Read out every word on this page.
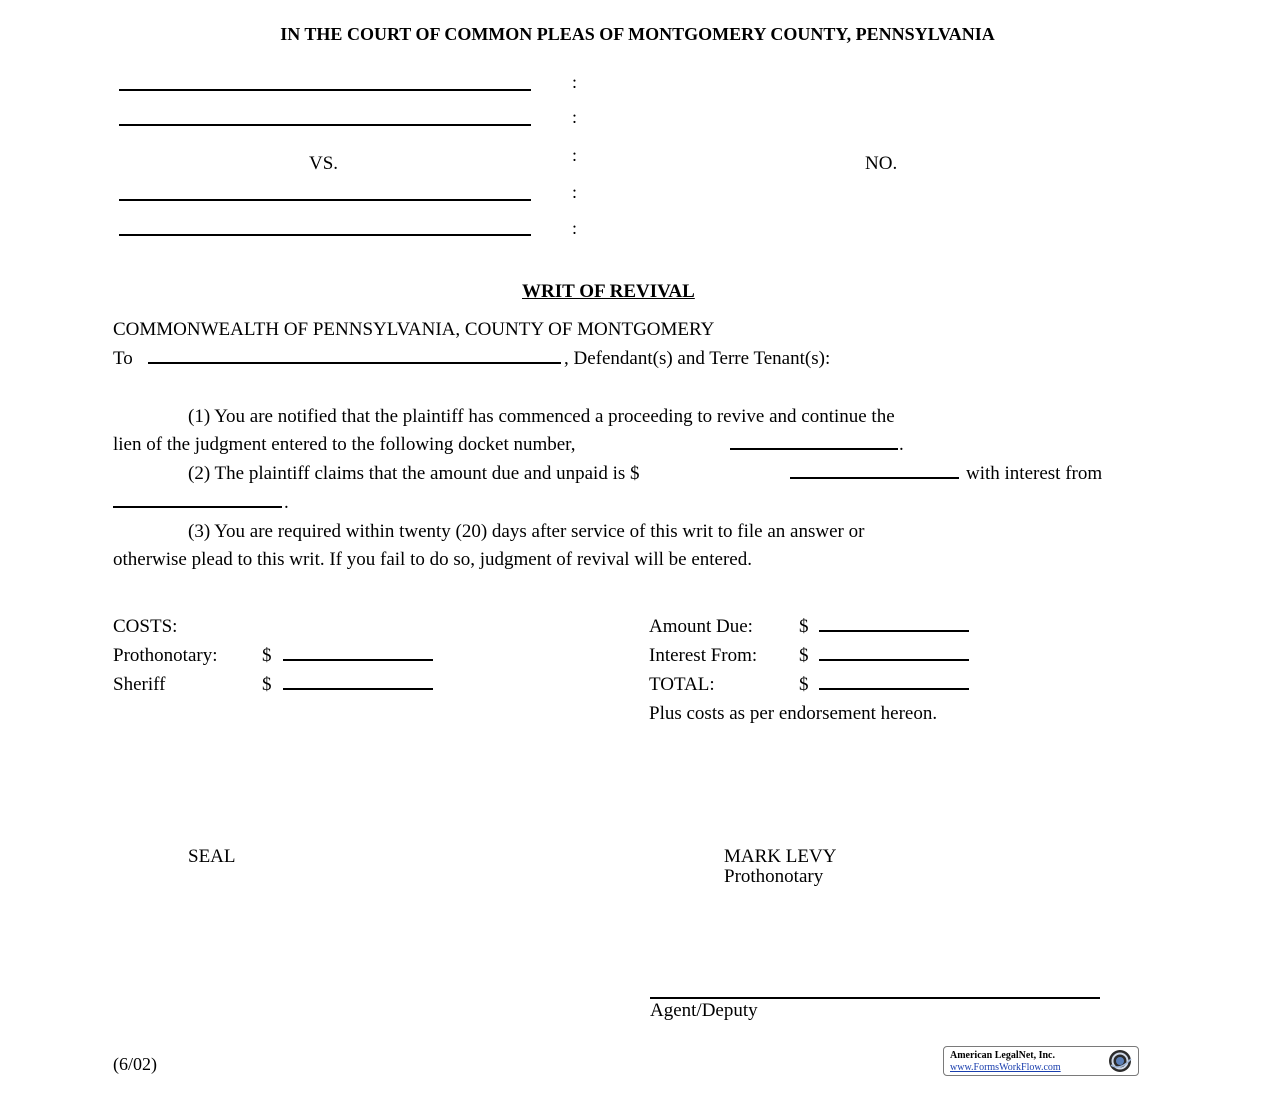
IN THE COURT OF COMMON PLEAS OF MONTGOMERY COUNTY, PENNSYLVANIA
VS.
:
:
:
:
:
NO.
WRIT OF REVIVAL
COMMONWEALTH OF PENNSYLVANIA, COUNTY OF MONTGOMERY
To	, Defendant(s) and Terre Tenant(s):
(1) You are notified that the plaintiff has commenced a proceeding to revive and continue the
lien of the judgment entered to the following docket number,	.
(2) The plaintiff claims that the amount due and unpaid is $	with interest from
.
(3) You are required within twenty (20) days after service of this writ to file an answer or
otherwise plead to this writ. If you fail to do so, judgment of revival will be entered.
COSTS:
Prothonotary: $
Sheriff	$
Amount Due: $
Interest From: $
TOTAL:	$
Plus costs as per endorsement hereon.
SEAL	MARK LEVY
Prothonotary
Agent/Deputy
(6/02)	American LegalNet, Inc.
www.FormsWorkFlow.com
